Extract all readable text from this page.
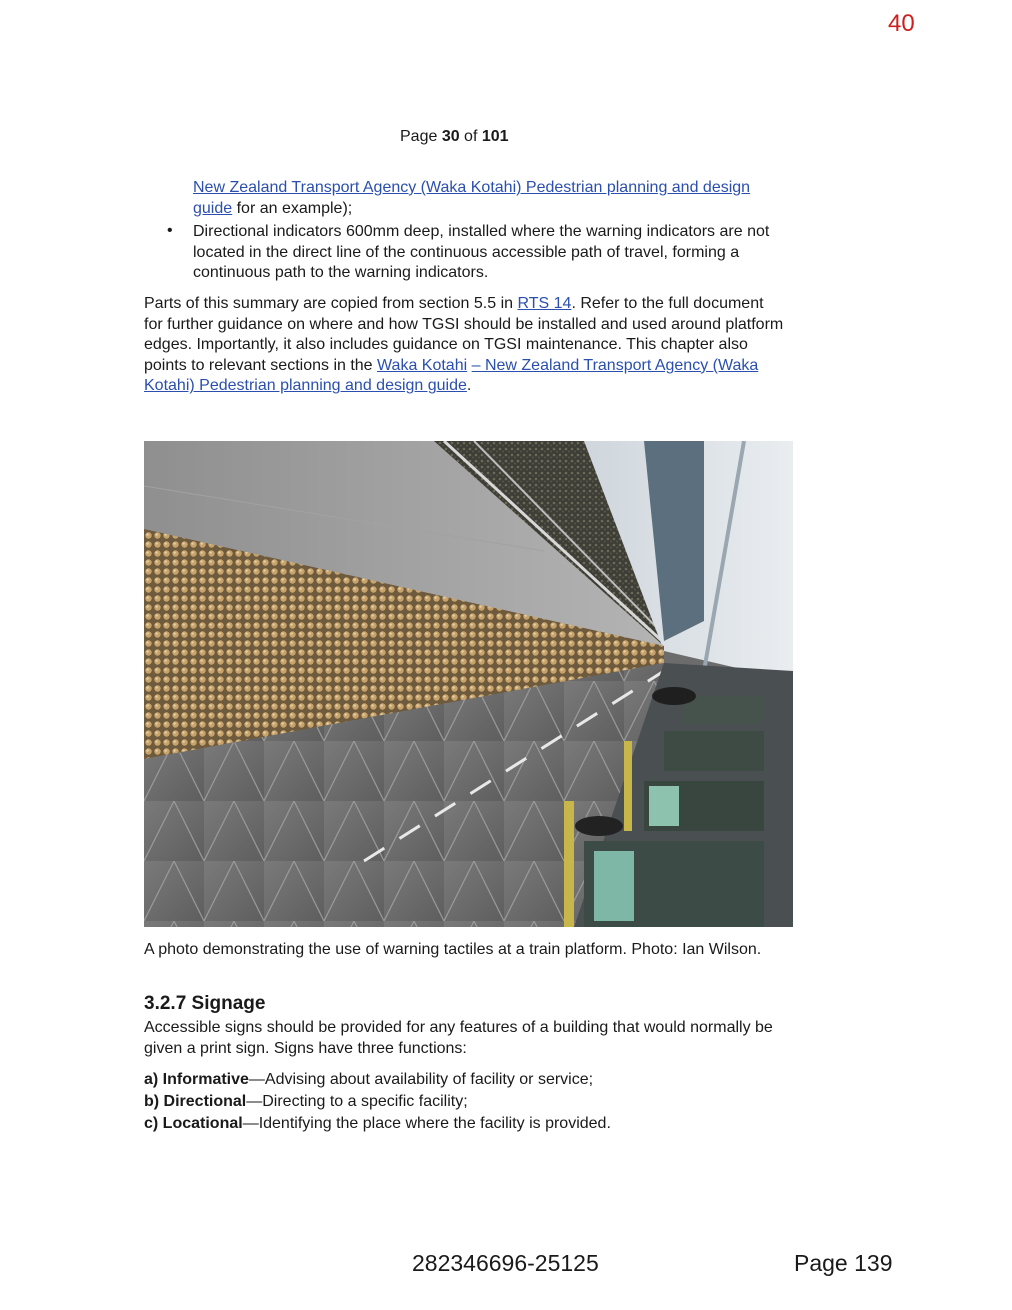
40
Page 30 of 101
New Zealand Transport Agency (Waka Kotahi) Pedestrian planning and design guide for an example);
• Directional indicators 600mm deep, installed where the warning indicators are not located in the direct line of the continuous accessible path of travel, forming a continuous path to the warning indicators.
Parts of this summary are copied from section 5.5 in RTS 14. Refer to the full document for further guidance on where and how TGSI should be installed and used around platform edges. Importantly, it also includes guidance on TGSI maintenance. This chapter also points to relevant sections in the Waka Kotahi – New Zealand Transport Agency (Waka Kotahi) Pedestrian planning and design guide.
A photo demonstrating the use of warning tactiles at a train platform. Photo: Ian Wilson.
3.2.7 Signage
Accessible signs should be provided for any features of a building that would normally be given a print sign. Signs have three functions:
a) Informative—Advising about availability of facility or service;
b) Directional—Directing to a specific facility;
c) Locational—Identifying the place where the facility is provided.
282346696-25125	Page 139
